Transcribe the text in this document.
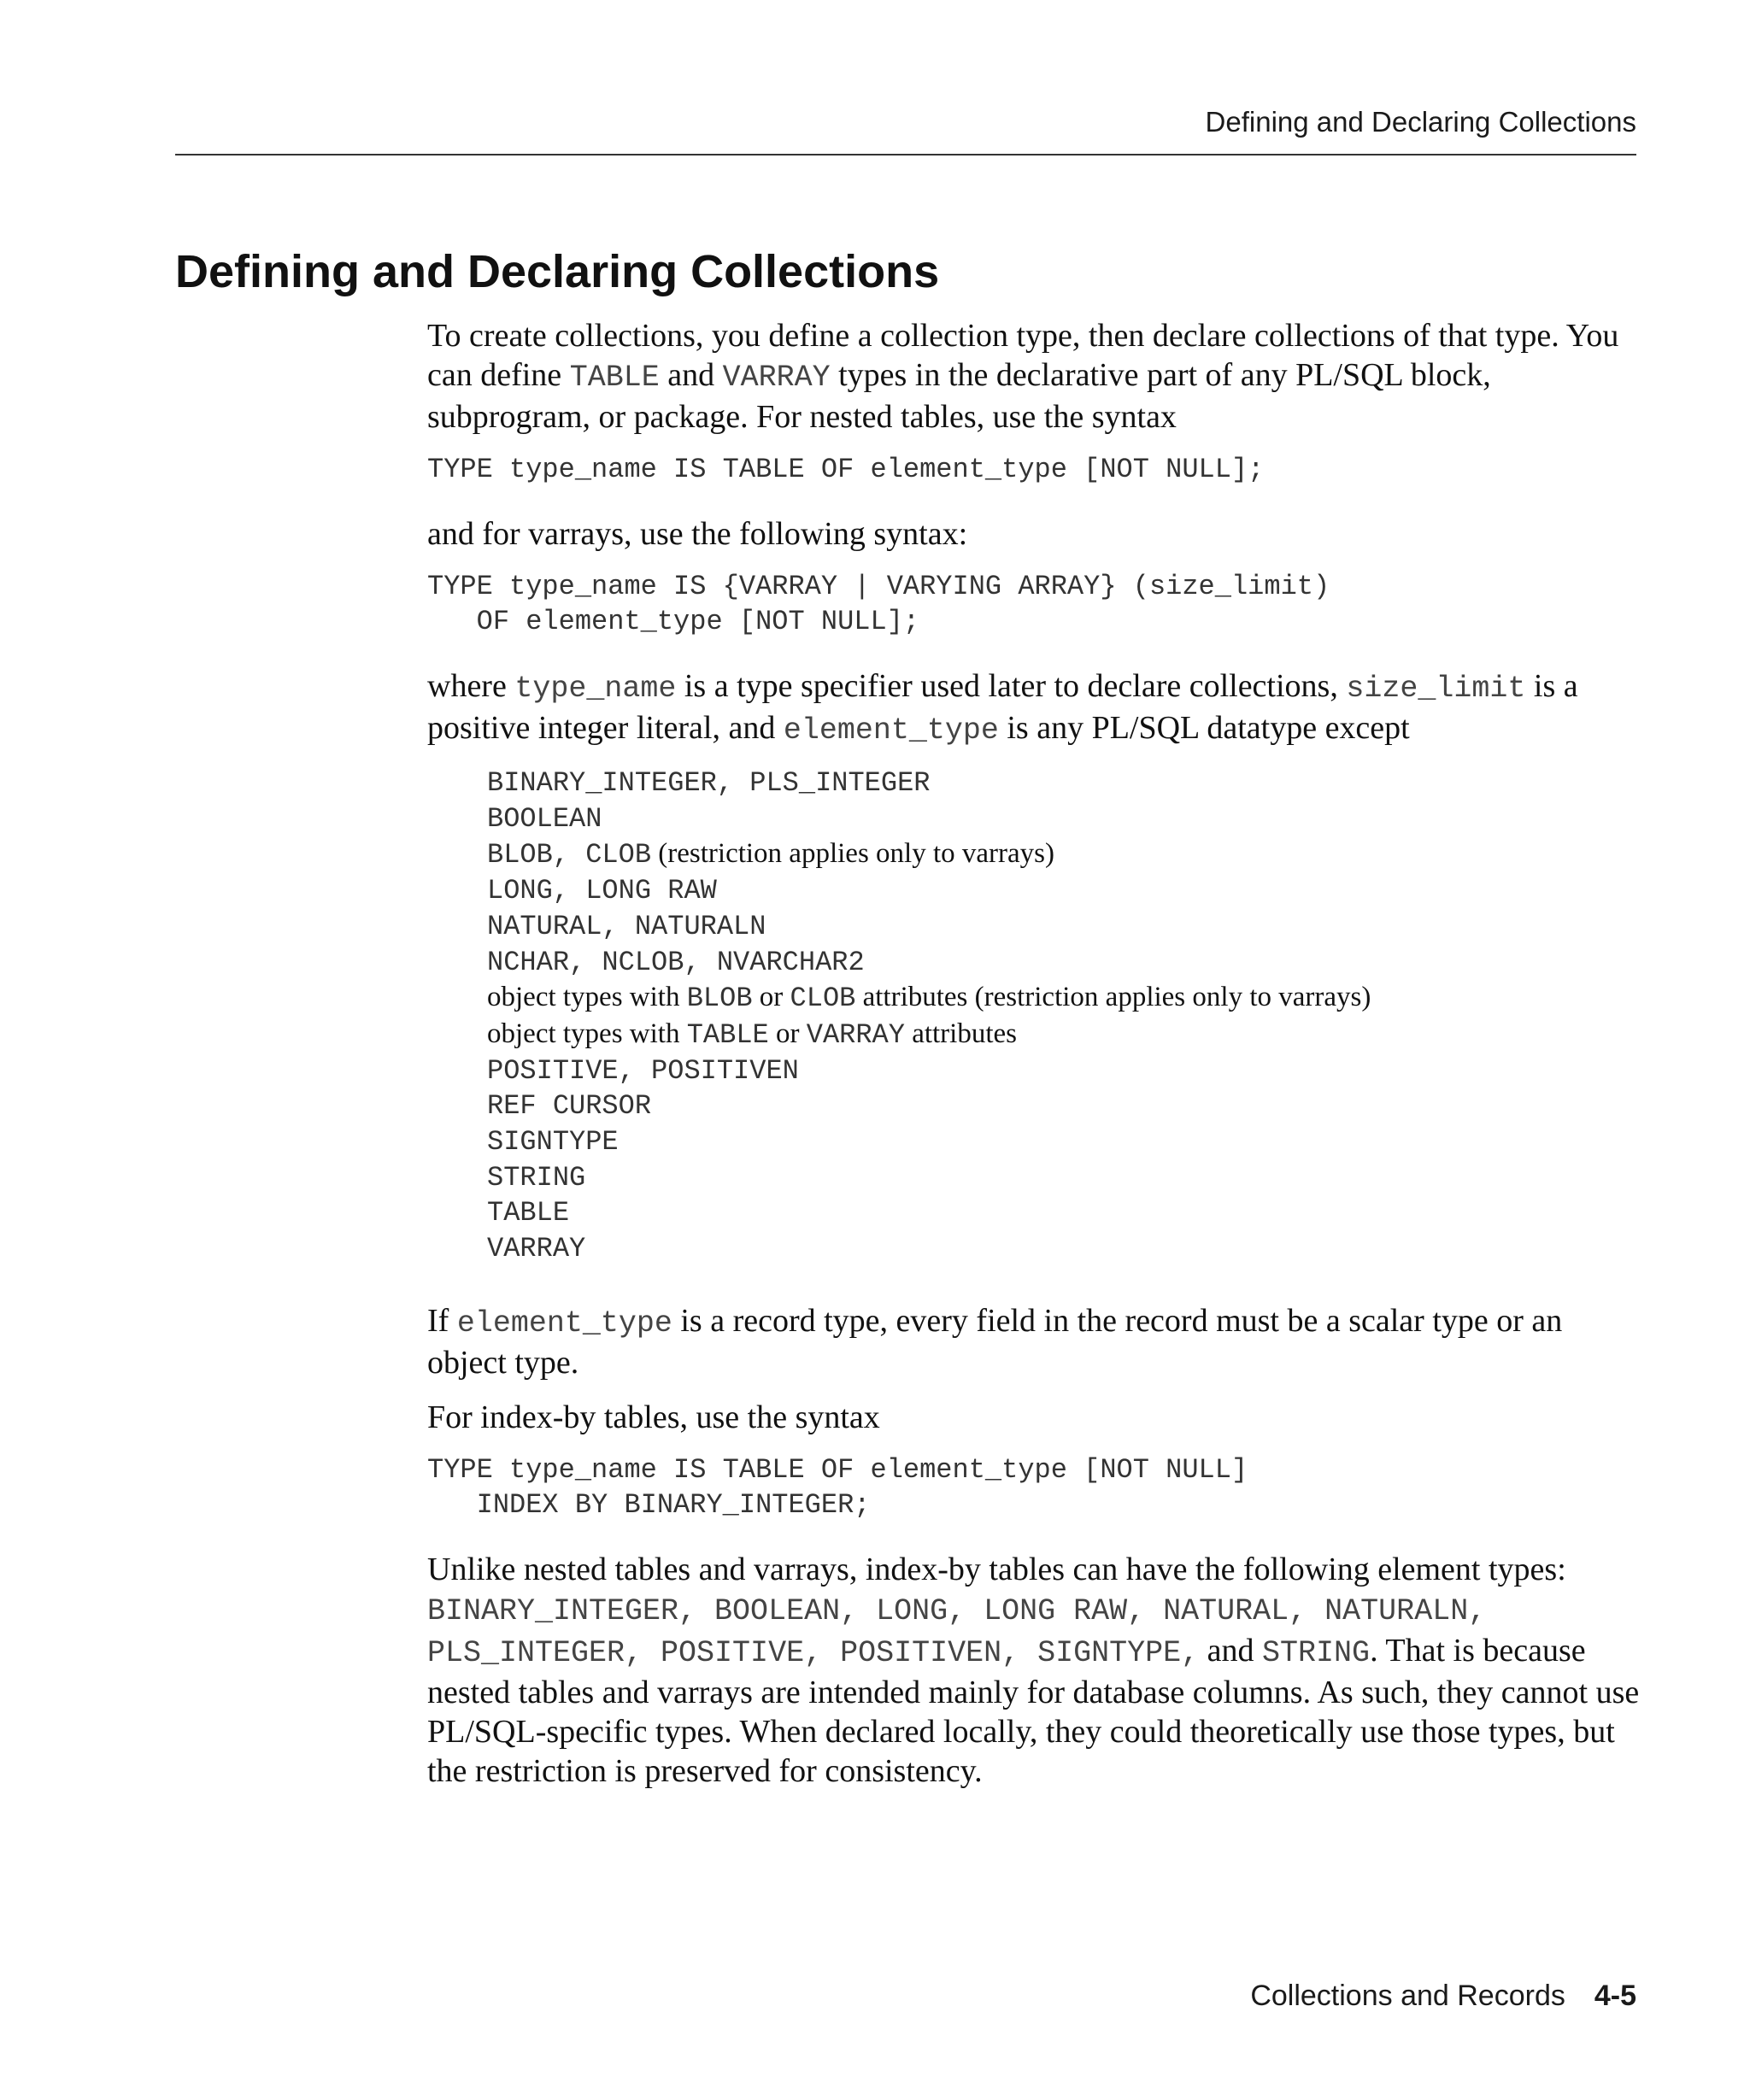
Defining and Declaring Collections
Defining and Declaring Collections

To create collections, you define a collection type, then declare collections of that type. You can define TABLE and VARRAY types in the declarative part of any PL/SQL block, subprogram, or package. For nested tables, use the syntax

TYPE type_name IS TABLE OF element_type [NOT NULL];

and for varrays, use the following syntax:

TYPE type_name IS {VARRAY | VARYING ARRAY} (size_limit)
OF element_type [NOT NULL];

where type_name is a type specifier used later to declare collections, size_limit is a positive integer literal, and element_type is any PL/SQL datatype except

BINARY_INTEGER, PLS_INTEGER
BOOLEAN
BLOB, CLOB (restriction applies only to varrays)
LONG, LONG RAW
NATURAL, NATURALN
NCHAR, NCLOB, NVARCHAR2
object types with BLOB or CLOB attributes (restriction applies only to varrays)
object types with TABLE or VARRAY attributes
POSITIVE, POSITIVEN
REF CURSOR
SIGNTYPE
STRING
TABLE
VARRAY

If element_type is a record type, every field in the record must be a scalar type or an object type.

For index-by tables, use the syntax

TYPE type_name IS TABLE OF element_type [NOT NULL]
INDEX BY BINARY_INTEGER;

Unlike nested tables and varrays, index-by tables can have the following element types: BINARY_INTEGER, BOOLEAN, LONG, LONG RAW, NATURAL, NATURALN, PLS_INTEGER, POSITIVE, POSITIVEN, SIGNTYPE, and STRING. That is because nested tables and varrays are intended mainly for database columns. As such, they cannot use PL/SQL-specific types. When declared locally, they could theoretically use those types, but the restriction is preserved for consistency.

Collections and Records 4-5
